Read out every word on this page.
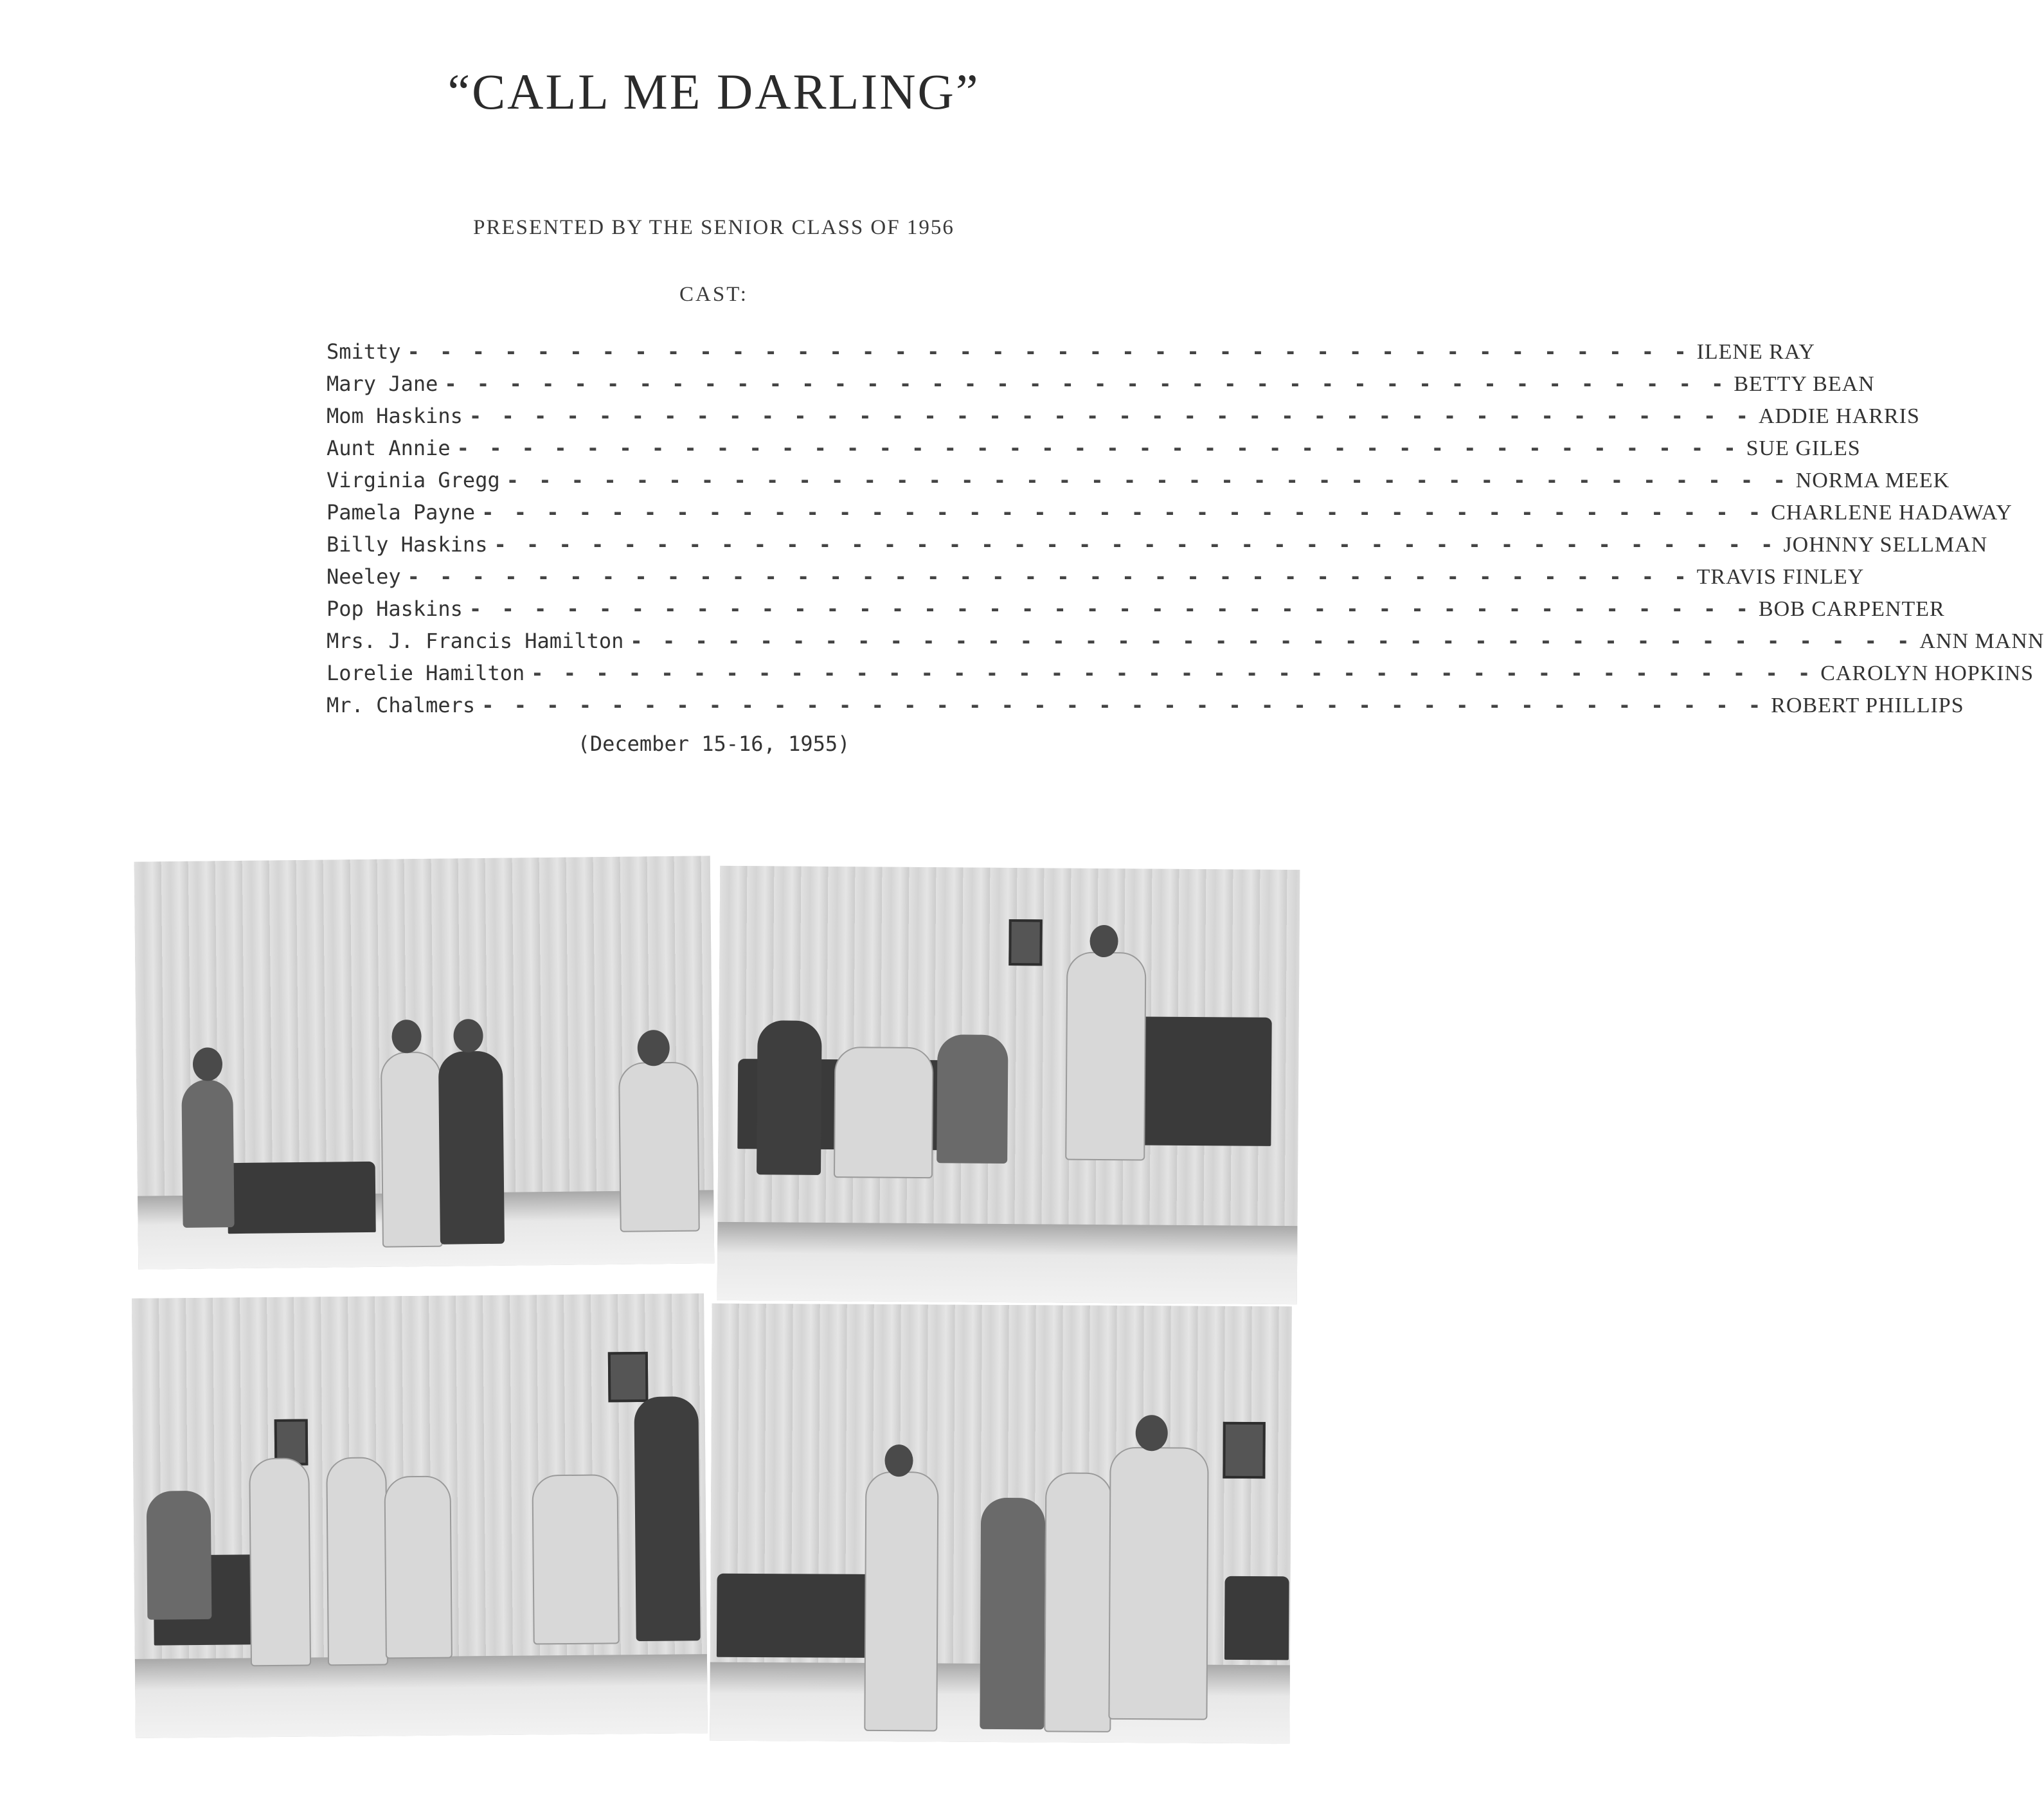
“CALL ME DARLING”
PRESENTED BY THE SENIOR CLASS OF 1956
CAST:
Smitty - - - - - - - - - - - - - - - - - - - - - - - - - - - - - - - - - - - - - - - - ILENE RAY
Mary Jane - - - - - - - - - - - - - - - - - - - - - - - - - - - - - - - - - - - - - - - - BETTY BEAN
Mom Haskins - - - - - - - - - - - - - - - - - - - - - - - - - - - - - - - - - - - - - - - - ADDIE HARRIS
Aunt Annie - - - - - - - - - - - - - - - - - - - - - - - - - - - - - - - - - - - - - - - - SUE GILES
Virginia Gregg - - - - - - - - - - - - - - - - - - - - - - - - - - - - - - - - - - - - - - - - NORMA MEEK
Pamela Payne - - - - - - - - - - - - - - - - - - - - - - - - - - - - - - - - - - - - - - - - CHARLENE HADAWAY
Billy Haskins - - - - - - - - - - - - - - - - - - - - - - - - - - - - - - - - - - - - - - - - JOHNNY SELLMAN
Neeley - - - - - - - - - - - - - - - - - - - - - - - - - - - - - - - - - - - - - - - - TRAVIS FINLEY
Pop Haskins - - - - - - - - - - - - - - - - - - - - - - - - - - - - - - - - - - - - - - - - BOB CARPENTER
Mrs. J. Francis Hamilton - - - - - - - - - - - - - - - - - - - - - - - - - - - - - - - - - - - - - - - - ANN MANN
Lorelie Hamilton - - - - - - - - - - - - - - - - - - - - - - - - - - - - - - - - - - - - - - - - CAROLYN HOPKINS
Mr. Chalmers - - - - - - - - - - - - - - - - - - - - - - - - - - - - - - - - - - - - - - - - ROBERT PHILLIPS
(December 15-16, 1955)
